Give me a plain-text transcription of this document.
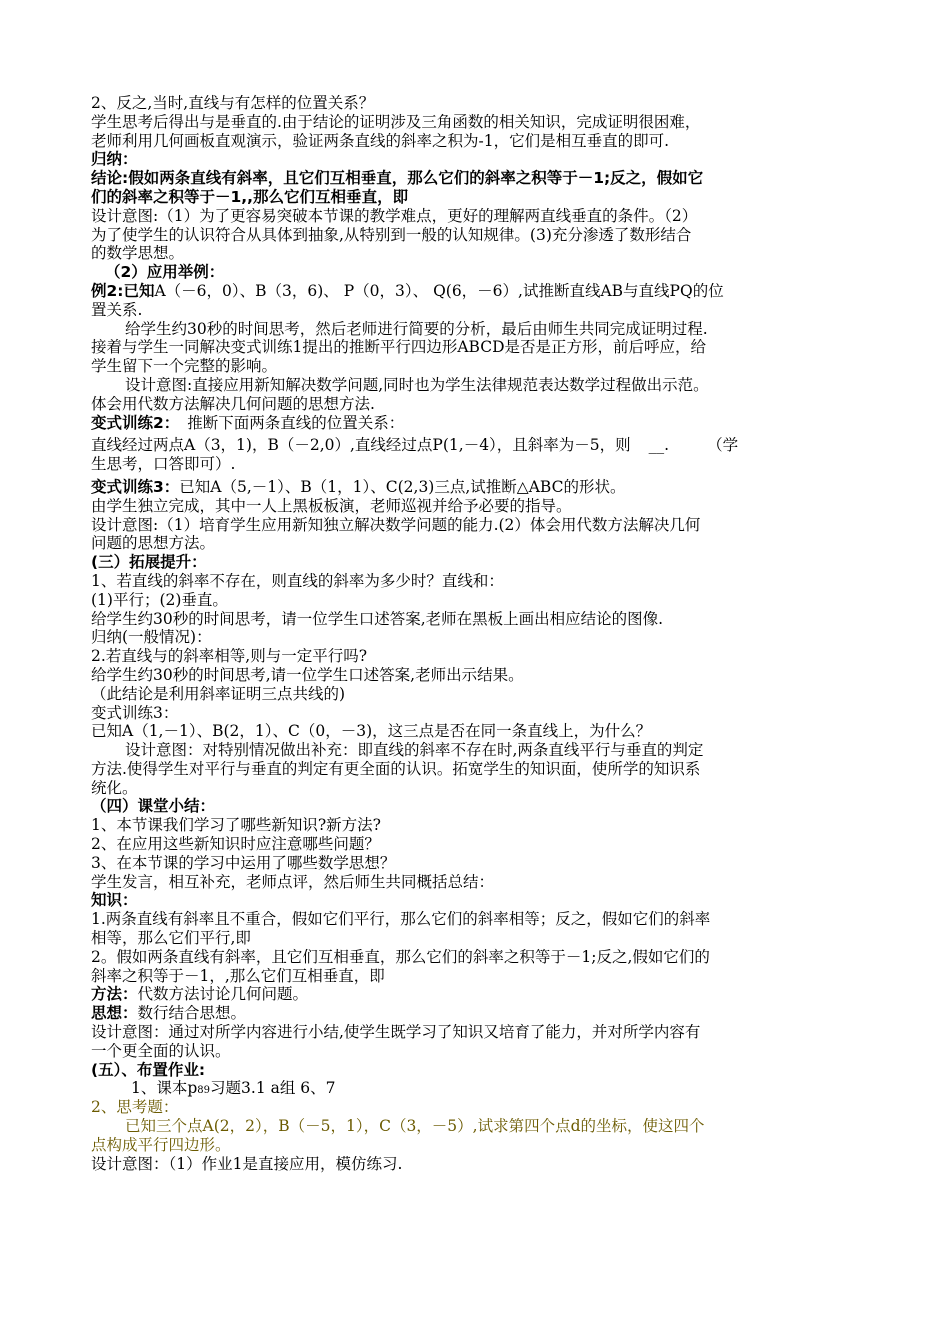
2、反之,当时,直线与有怎样的位置关系？
学生思考后得出与是垂直的.由于结论的证明涉及三角函数的相关知识，完成证明很困难，
老师利用几何画板直观演示，验证两条直线的斜率之积为-1，它们是相互垂直的即可.
归纳：
结论:假如两条直线有斜率，且它们互相垂直，那么它们的斜率之积等于－1;反之，假如它
们的斜率之积等于－1,,那么它们互相垂直，即
设计意图:（1）为了更容易突破本节课的教学难点，更好的理解两直线垂直的条件。（2）
为了使学生的认识符合从具体到抽象,从特别到一般的认知规律。(3)充分渗透了数形结合
的数学思想。
（2）应用举例：
例2:已知A（－6，0）、B（3，6)、 P（0，3）、 Q(6，－6）,试推断直线AB与直线PQ的位
置关系.
给学生约30秒的时间思考，然后老师进行简要的分析，最后由师生共同完成证明过程.
接着与学生一同解决变式训练1提出的推断平行四边形ABCD是否是正方形，前后呼应，给
学生留下一个完整的影响。
设计意图:直接应用新知解决数学问题,同时也为学生法律规范表达数学过程做出示范。
体会用代数方法解决几何问题的思想方法.
变式训练2： 推断下面两条直线的位置关系：
直线经过两点A（3，1)，B（－2,0）,直线经过点P(1,－4），且斜率为－5，则 __. （学
生思考，口答即可）.
变式训练3：已知A（5,－1）、B（1，1）、C(2,3)三点,试推断△ABC的形状。
由学生独立完成，其中一人上黑板板演，老师巡视并给予必要的指导。
设计意图:（1）培育学生应用新知独立解决数学问题的能力.(2）体会用代数方法解决几何
问题的思想方法。
(三）拓展提升：
1、若直线的斜率不存在，则直线的斜率为多少时？直线和：
(1)平行；(2)垂直。
给学生约30秒的时间思考，请一位学生口述答案,老师在黑板上画出相应结论的图像.
归纳(一般情况)：
2.若直线与的斜率相等,则与一定平行吗?
给学生约30秒的时间思考,请一位学生口述答案,老师出示结果。
（此结论是利用斜率证明三点共线的)
变式训练3：
已知A（1,－1）、B(2，1）、C（0，－3)，这三点是否在同一条直线上，为什么？
设计意图：对特别情况做出补充：即直线的斜率不存在时,两条直线平行与垂直的判定
方法.使得学生对平行与垂直的判定有更全面的认识。拓宽学生的知识面，使所学的知识系
统化。
（四）课堂小结：
1、本节课我们学习了哪些新知识?新方法?
2、在应用这些新知识时应注意哪些问题？
3、在本节课的学习中运用了哪些数学思想？
学生发言，相互补充，老师点评，然后师生共同概括总结：
知识：
1.两条直线有斜率且不重合，假如它们平行，那么它们的斜率相等；反之，假如它们的斜率
相等，那么它们平行,即
2。假如两条直线有斜率，且它们互相垂直，那么它们的斜率之积等于－1;反之,假如它们的
斜率之积等于－1，,那么它们互相垂直，即
方法：代数方法讨论几何问题。
思想：数行结合思想。
设计意图：通过对所学内容进行小结,使学生既学习了知识又培育了能力，并对所学内容有
一个更全面的认识。
(五）、布置作业:
1、课本p89习题3.1 a组 6、7
2、思考题：
已知三个点A(2，2），B（－5，1），C（3，－5）,试求第四个点d的坐标，使这四个
点构成平行四边形。
设计意图：（1）作业1是直接应用，模仿练习.
